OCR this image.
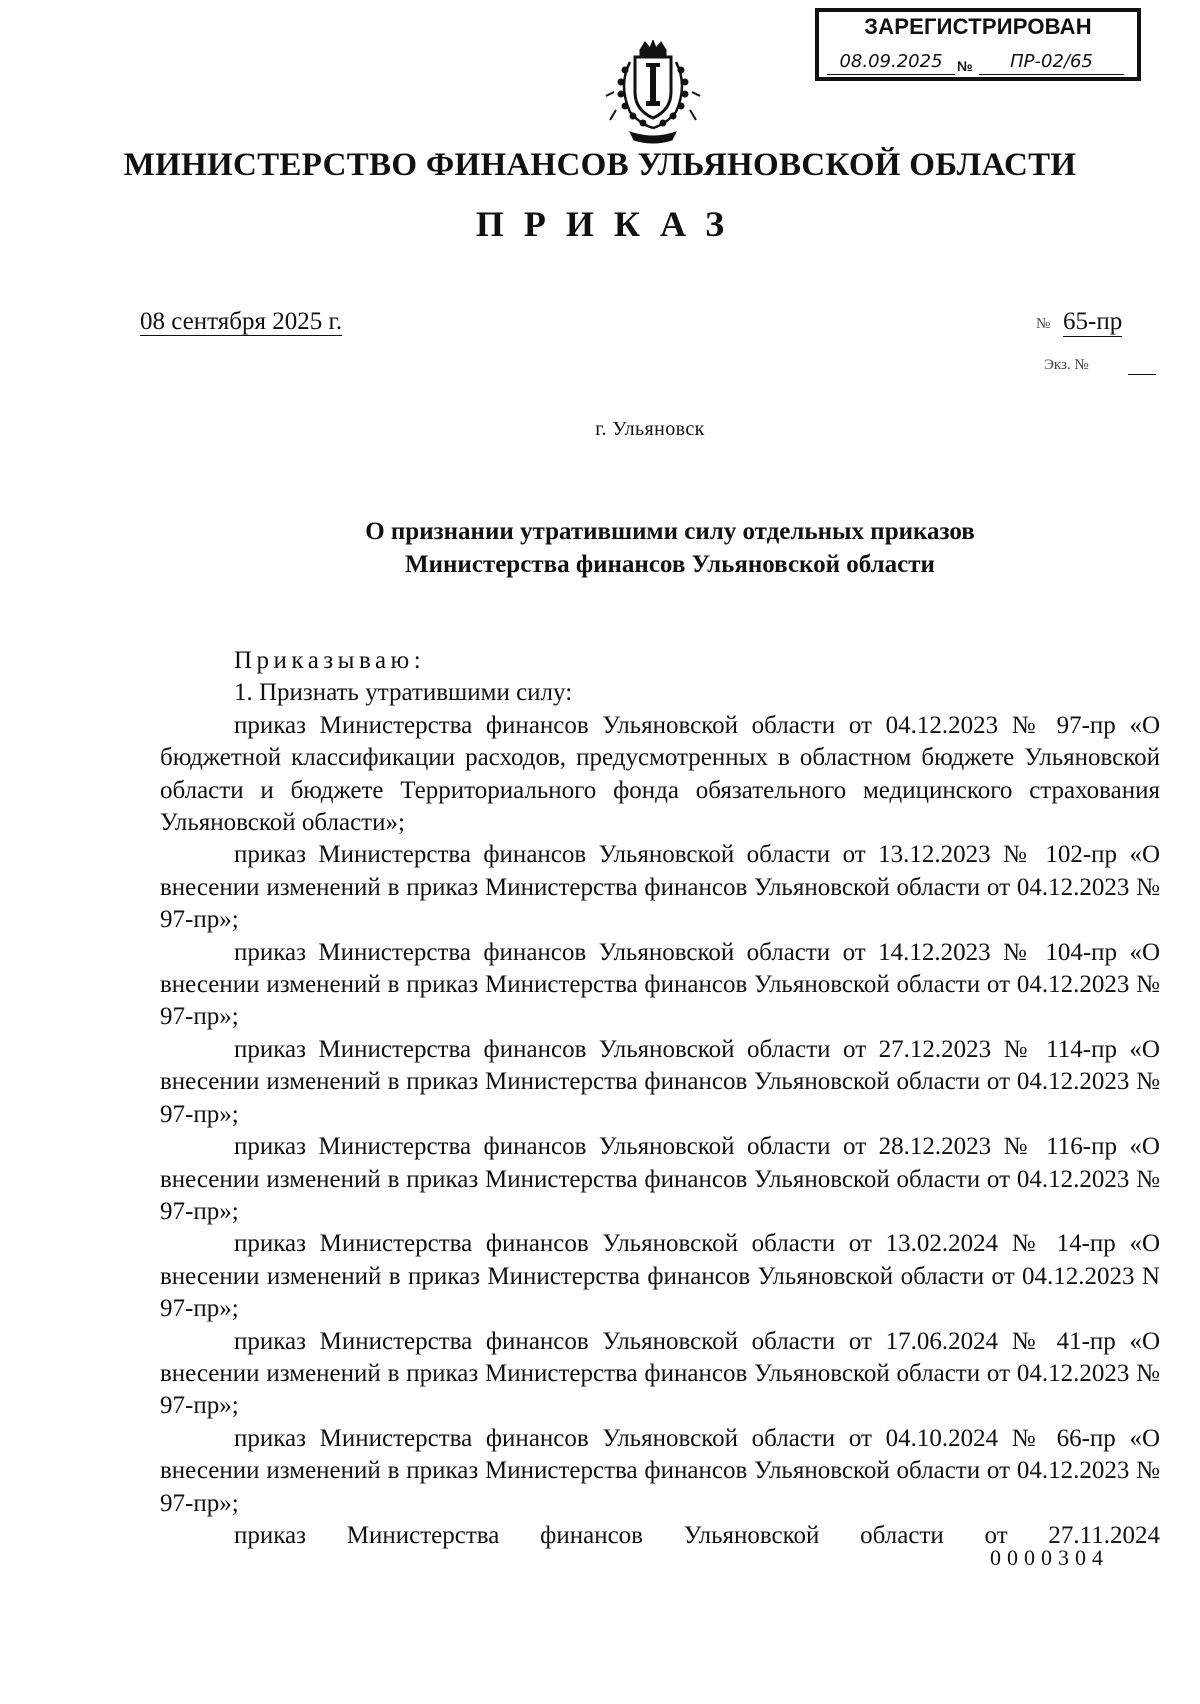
ЗАРЕГИСТРИРОВАН
08.09.2025	№	ПР-02/65
МИНИСТЕРСТВО ФИНАНСОВ УЛЬЯНОВСКОЙ ОБЛАСТИ
ПРИКАЗ
08 сентября 2025 г.	№ 65-пр
Экз. №
г. Ульяновск
О признании утратившими силу отдельных приказов
Министерства финансов Ульяновской области

Приказываю:

1. Признать утратившими силу:

приказ Министерства финансов Ульяновской области от 04.12.2023 № 97-пр «О бюджетной классификации расходов, предусмотренных в областном бюджете Ульяновской области и бюджете Территориального фонда обязательного медицинского страхования Ульяновской области»;

приказ Министерства финансов Ульяновской области от 13.12.2023 № 102-пр «О внесении изменений в приказ Министерства финансов Ульяновской области от 04.12.2023 № 97-пр»;

приказ Министерства финансов Ульяновской области от 14.12.2023 № 104-пр «О внесении изменений в приказ Министерства финансов Ульяновской области от 04.12.2023 № 97-пр»;

приказ Министерства финансов Ульяновской области от 27.12.2023 № 114-пр «О внесении изменений в приказ Министерства финансов Ульяновской области от 04.12.2023 № 97-пр»;

приказ Министерства финансов Ульяновской области от 28.12.2023 № 116-пр «О внесении изменений в приказ Министерства финансов Ульяновской области от 04.12.2023 № 97-пр»;

приказ Министерства финансов Ульяновской области от 13.02.2024 № 14-пр «О внесении изменений в приказ Министерства финансов Ульяновской области от 04.12.2023 N 97-пр»;

приказ Министерства финансов Ульяновской области от 17.06.2024 № 41-пр «О внесении изменений в приказ Министерства финансов Ульяновской области от 04.12.2023 № 97-пр»;

приказ Министерства финансов Ульяновской области от 04.10.2024 № 66-пр «О внесении изменений в приказ Министерства финансов Ульяновской области от 04.12.2023 № 97-пр»;

приказ Министерства финансов Ульяновской области от 27.11.2024

0000304
